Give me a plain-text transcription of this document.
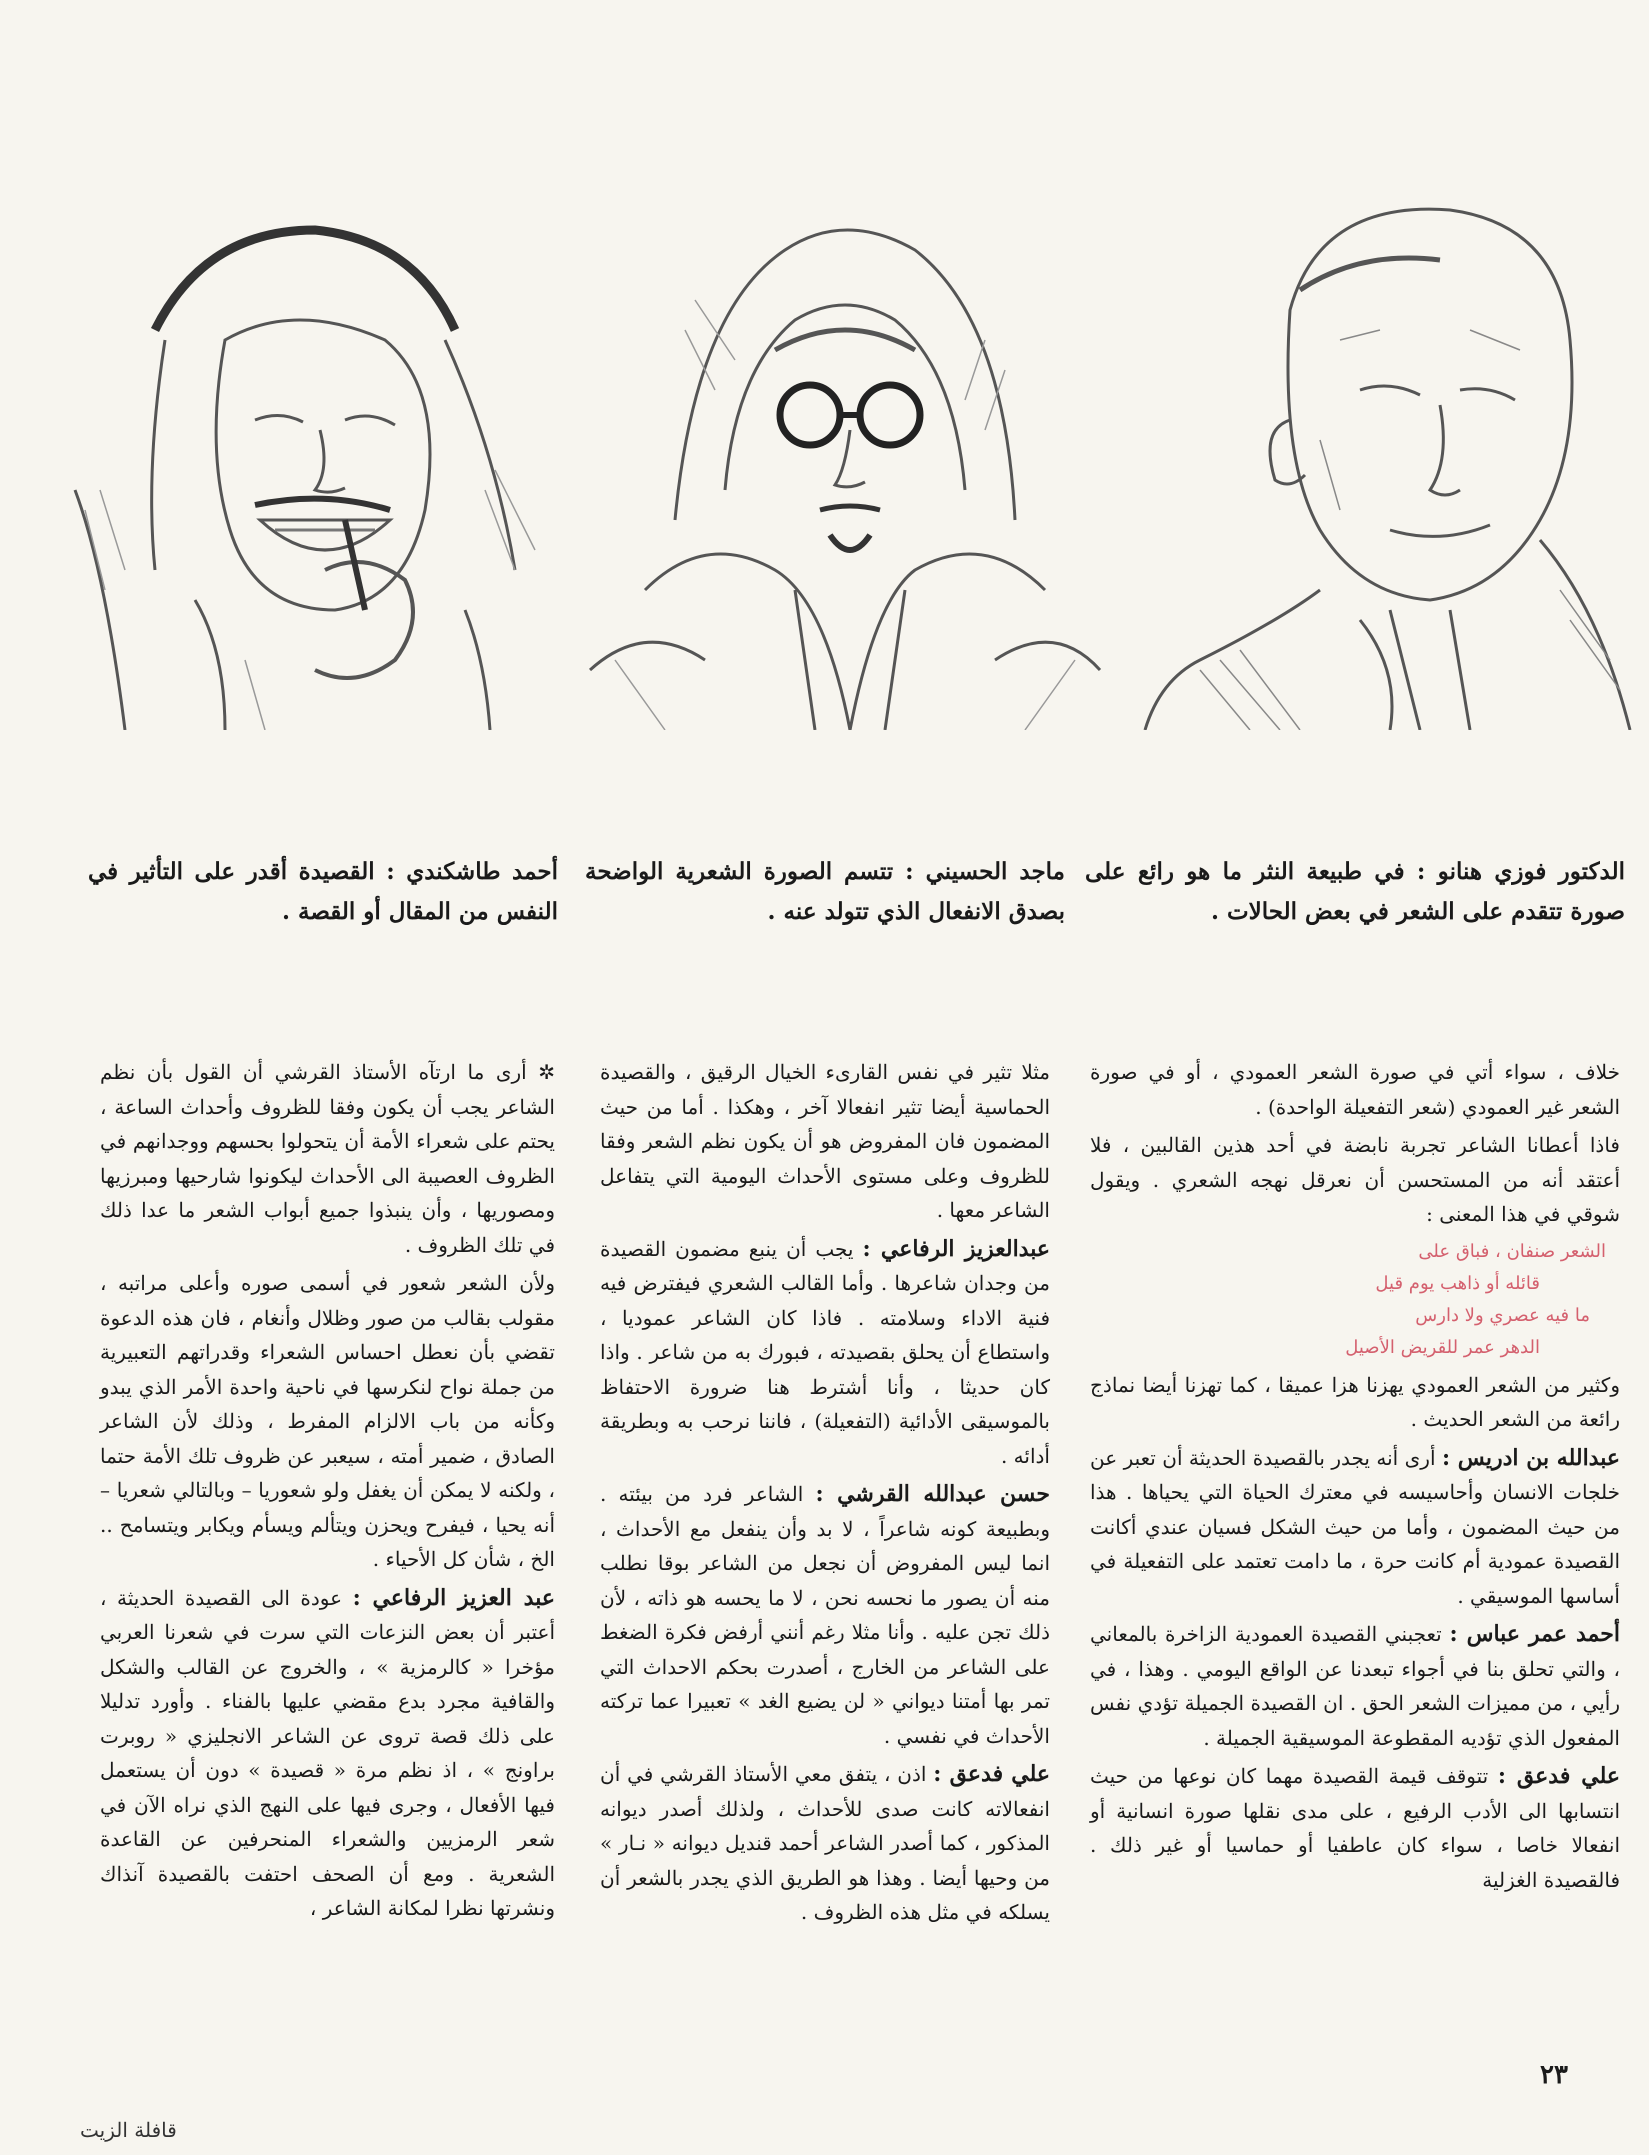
الدكتور فوزي هنانو : في طبيعة النثر ما هو رائع على صورة تتقدم على الشعر في بعض الحالات .
ماجد الحسيني : تتسم الصورة الشعرية الواضحة بصدق الانفعال الذي تتولد عنه .
أحمد طاشكندي : القصيدة أقدر على التأثير في النفس من المقال أو القصة .

خلاف ، سواء أتي في صورة الشعر العمودي ، أو في صورة الشعر غير العمودي (شعر التفعيلة الواحدة) .

فاذا أعطانا الشاعر تجربة نابضة في أحد هذين القالبين ، فلا أعتقد أنه من المستحسن أن نعرقل نهجه الشعري . ويقول شوقي في هذا المعنى :

الشعر صنفان ، فباق على
قائله أو ذاهب يوم قيل
ما فيه عصري ولا دارس
الدهر عمر للقريض الأصيل

وكثير من الشعر العمودي يهزنا هزا عميقا ، كما تهزنا أيضا نماذج رائعة من الشعر الحديث .

عبدالله بن ادريس : أرى أنه يجدر بالقصيدة الحديثة أن تعبر عن خلجات الانسان وأحاسيسه في معترك الحياة التي يحياها . هذا من حيث المضمون ، وأما من حيث الشكل فسيان عندي أكانت القصيدة عمودية أم كانت حرة ، ما دامت تعتمد على التفعيلة في أساسها الموسيقي .

أحمد عمر عباس : تعجبني القصيدة العمودية الزاخرة بالمعاني ، والتي تحلق بنا في أجواء تبعدنا عن الواقع اليومي . وهذا ، في رأيي ، من مميزات الشعر الحق . ان القصيدة الجميلة تؤدي نفس المفعول الذي تؤديه المقطوعة الموسيقية الجميلة .

علي فدعق : تتوقف قيمة القصيدة مهما كان نوعها من حيث انتسابها الى الأدب الرفيع ، على مدى نقلها صورة انسانية أو انفعالا خاصا ، سواء كان عاطفيا أو حماسيا أو غير ذلك . فالقصيدة الغزلية

مثلا تثير في نفس القارىء الخيال الرقيق ، والقصيدة الحماسية أيضا تثير انفعالا آخر ، وهكذا . أما من حيث المضمون فان المفروض هو أن يكون نظم الشعر وفقا للظروف وعلى مستوى الأحداث اليومية التي يتفاعل الشاعر معها .

عبدالعزيز الرفاعي : يجب أن ينبع مضمون القصيدة من وجدان شاعرها . وأما القالب الشعري فيفترض فيه فنية الاداء وسلامته . فاذا كان الشاعر عموديا ، واستطاع أن يحلق بقصيدته ، فبورك به من شاعر . واذا كان حديثا ، وأنا أشترط هنا ضرورة الاحتفاظ بالموسيقى الأدائية (التفعيلة) ، فاننا نرحب به وبطريقة أدائه .

حسن عبدالله القرشي : الشاعر فرد من بيئته . وبطبيعة كونه شاعراً ، لا بد وأن ينفعل مع الأحداث ، انما ليس المفروض أن نجعل من الشاعر بوقا نطلب منه أن يصور ما نحسه نحن ، لا ما يحسه هو ذاته ، لأن ذلك تجن عليه . وأنا مثلا رغم أنني أرفض فكرة الضغط على الشاعر من الخارج ، أصدرت بحكم الاحداث التي تمر بها أمتنا ديواني « لن يضيع الغد » تعبيرا عما تركته الأحداث في نفسي .

علي فدعق : اذن ، يتفق معي الأستاذ القرشي في أن انفعالاته كانت صدى للأحداث ، ولذلك أصدر ديوانه المذكور ، كما أصدر الشاعر أحمد قنديل ديوانه « نـار » من وحيها أيضا . وهذا هو الطريق الذي يجدر بالشعر أن يسلكه في مثل هذه الظروف .

✲ أرى ما ارتآه الأستاذ القرشي أن القول بأن نظم الشاعر يجب أن يكون وفقا للظروف وأحداث الساعة ، يحتم على شعراء الأمة أن يتحولوا بحسهم ووجدانهم في الظروف العصيبة الى الأحداث ليكونوا شارحيها ومبرزيها ومصوريها ، وأن ينبذوا جميع أبواب الشعر ما عدا ذلك في تلك الظروف .

ولأن الشعر شعور في أسمى صوره وأعلى مراتبه ، مقولب بقالب من صور وظلال وأنغام ، فان هذه الدعوة تقضي بأن نعطل احساس الشعراء وقدراتهم التعبيرية من جملة نواح لنكرسها في ناحية واحدة الأمر الذي يبدو وكأنه من باب الالزام المفرط ، وذلك لأن الشاعر الصادق ، ضمير أمته ، سيعبر عن ظروف تلك الأمة حتما ، ولكنه لا يمكن أن يغفل ولو شعوريا – وبالتالي شعريا – أنه يحيا ، فيفرح ويحزن ويتألم ويسأم ويكابر ويتسامح .. الخ ، شأن كل الأحياء .

عبد العزيز الرفاعي : عودة الى القصيدة الحديثة ، أعتبر أن بعض النزعات التي سرت في شعرنا العربي مؤخرا « كالرمزية » ، والخروج عن القالب والشكل والقافية مجرد بدع مقضي عليها بالفناء . وأورد تدليلا على ذلك قصة تروى عن الشاعر الانجليزي « روبرت براونج » ، اذ نظم مرة « قصيدة » دون أن يستعمل فيها الأفعال ، وجرى فيها على النهج الذي نراه الآن في شعر الرمزيين والشعراء المنحرفين عن القاعدة الشعرية . ومع أن الصحف احتفت بالقصيدة آنذاك ونشرتها نظرا لمكانة الشاعر ،

٢٣
قافلة الزيت
